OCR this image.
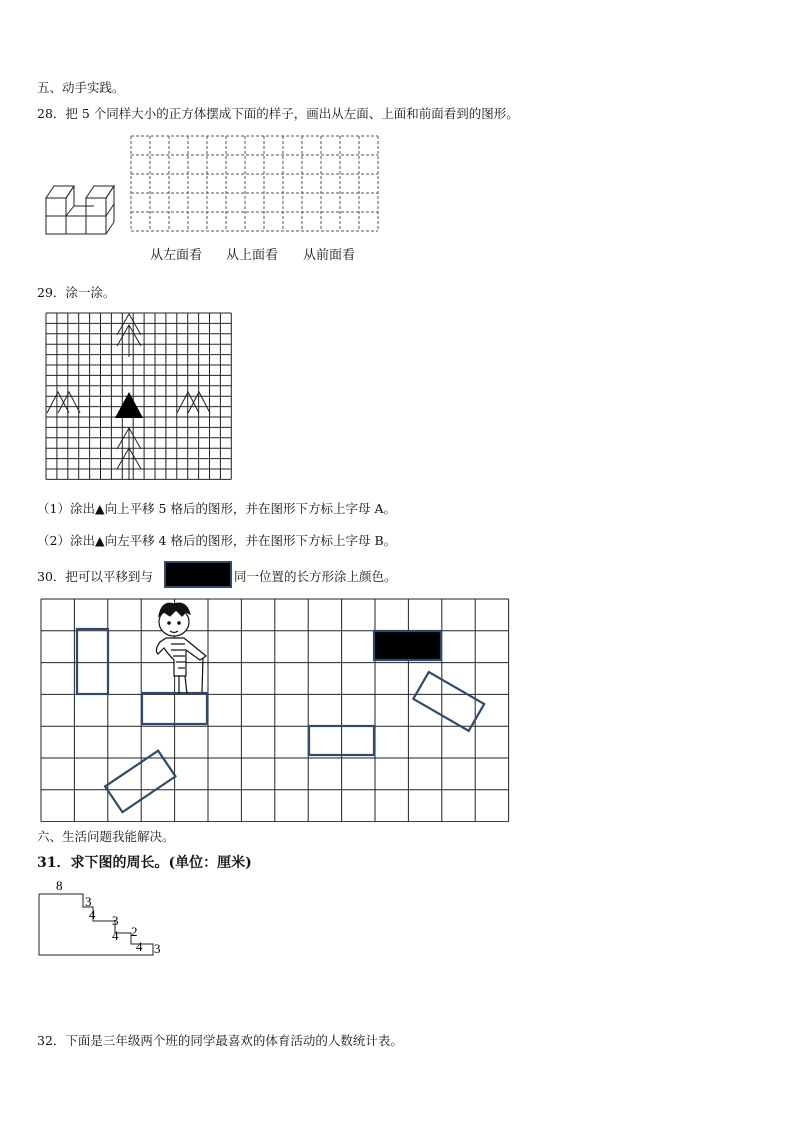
五、动手实践。
28．把 5 个同样大小的正方体摆成下面的样子，画出从左面、上面和前面看到的图形。
从左面看 从上面看 从前面看
29．涂一涂。
（1）涂出▲向上平移 5 格后的图形，并在图形下方标上字母 A。
（2）涂出▲向左平移 4 格后的图形，并在图形下方标上字母 B。
30．把可以平移到与	同一位置的长方形涂上颜色。
六、生活问题我能解决。
31．求下图的周长。(单位：厘米)
8
3
4 3
4 2
4 3
32．下面是三年级两个班的同学最喜欢的体育活动的人数统计表。
